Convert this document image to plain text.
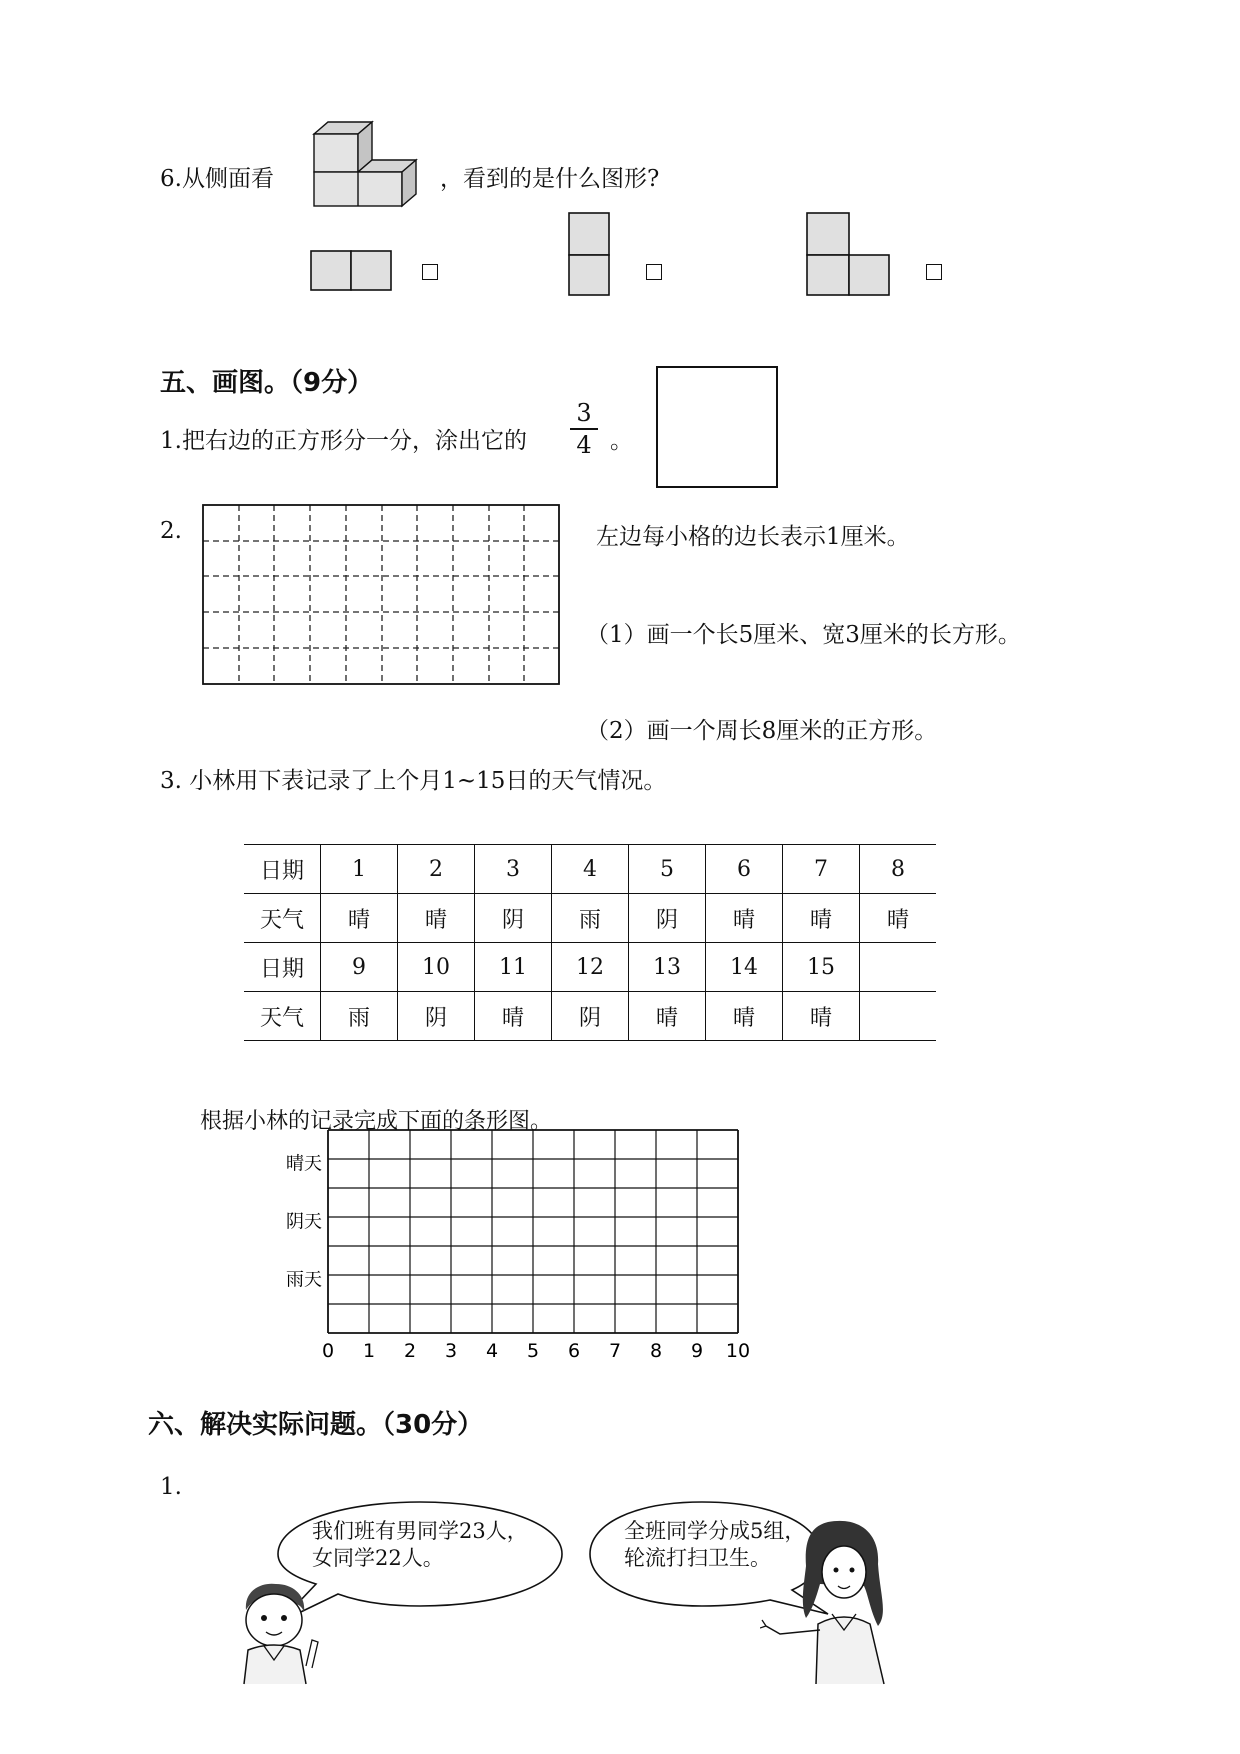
6.从侧面看	，看到的是什么图形?
五、画图。（9分）
1.把右边的正方形分一分，涂出它的
3
4 。
2.	左边每小格的边长表示1厘米。
（1）画一个长5厘米、宽3厘米的长方形。
（2）画一个周长8厘米的正方形。
3. 小林用下表记录了上个月1~15日的天气情况。
日期	1	2	3	4	5	6	7	8
天气	晴	晴	阴	雨	阴	晴	晴	晴
日期	9	10	11	12	13	14	15	
天气	雨	阴	晴	阴	晴	晴	晴	
根据小林的记录完成下面的条形图。
0 1 2 3 4 5 6 7 8 9 10
晴天
阴天
雨天
六、解决实际问题。（30分）
1.
我们班有男同学23人，
女同学22人。
全班同学分成5组，
轮流打扫卫生。
